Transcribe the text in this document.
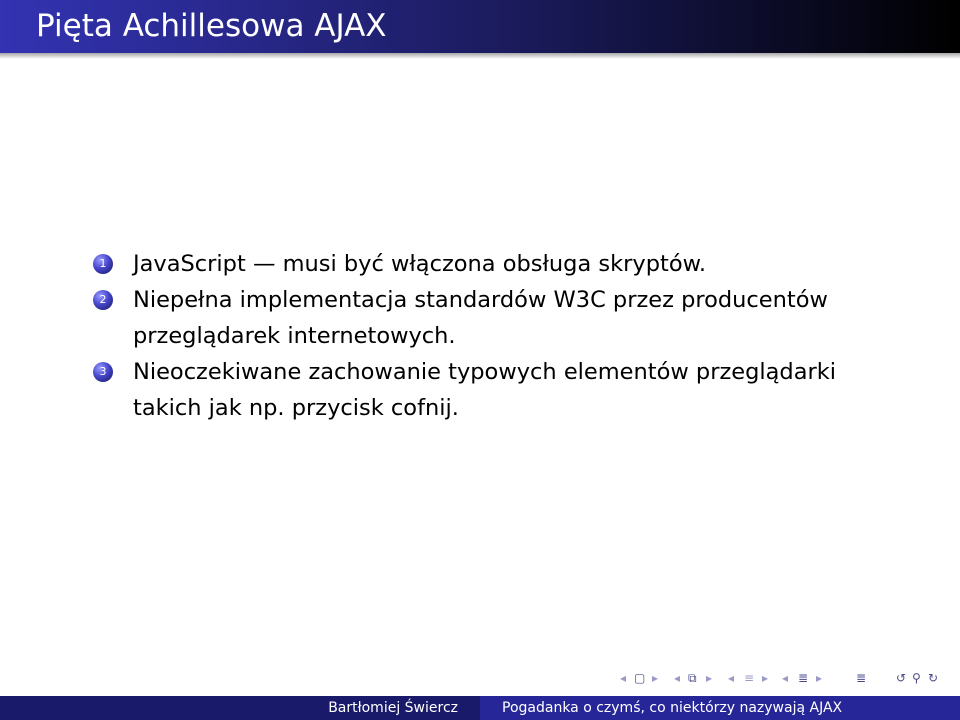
Pięta Achillesowa AJAX
1 JavaScript — musi być włączona obsługa skryptów.
2 Niepełna implementacja standardów W3C przez producentów przeglądarek internetowych.
3 Nieoczekiwane zachowanie typowych elementów przeglądarki takich jak np. przycisk cofnij.
◂ ▢ ▸ ◂ ⧉ ▸ ◂ ≡ ▸ ◂ ≣ ▸	≣ ↺ ⚲ ↻
Bartłomiej Świercz	Pogadanka o czymś, co niektórzy nazywają AJAX
